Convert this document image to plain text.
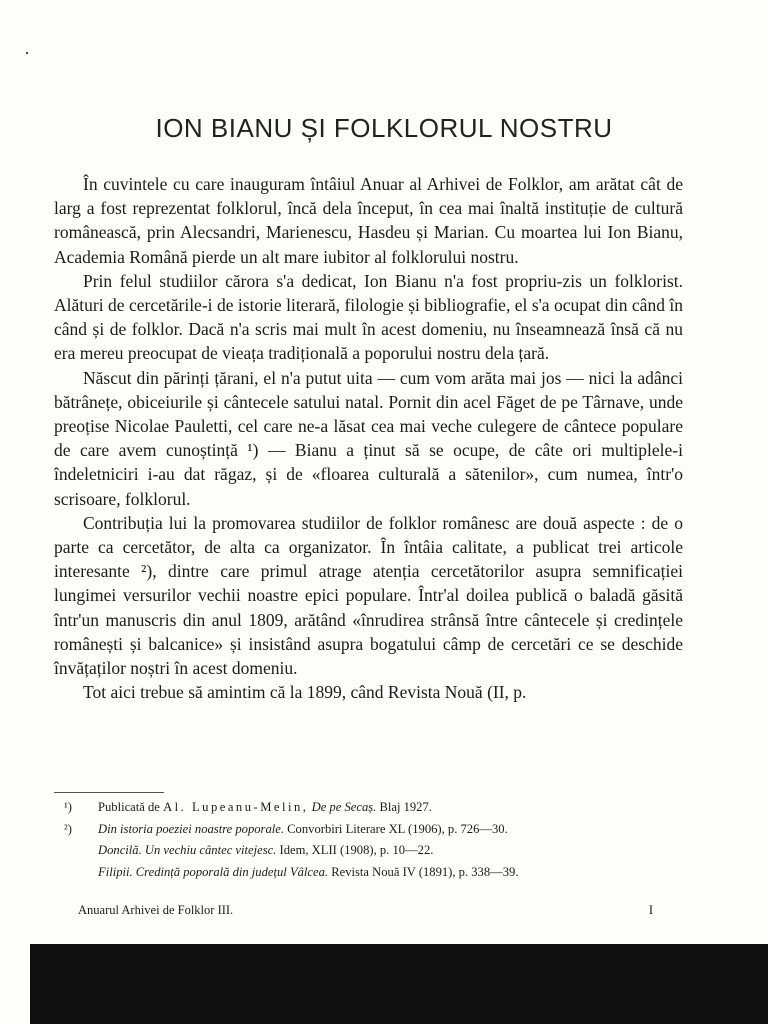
ION BIANU ȘI FOLKLORUL NOSTRU

În cuvintele cu care inauguram întâiul Anuar al Arhivei de Folklor, am arătat cât de larg a fost reprezentat folklorul, încă dela început, în cea mai înaltă instituție de cultură românească, prin Alecsandri, Marienescu, Hasdeu și Marian. Cu moartea lui Ion Bianu, Academia Română pierde un alt mare iubitor al folklorului nostru.

Prin felul studiilor cărora s'a dedicat, Ion Bianu n'a fost propriu-zis un folklorist. Alături de cercetările-i de istorie literară, filologie și bibliografie, el s'a ocupat din când în când și de folklor. Dacă n'a scris mai mult în acest domeniu, nu înseamnează însă că nu era mereu preocupat de vieața tradițională a poporului nostru dela țară.

Născut din părinți țărani, el n'a putut uita — cum vom arăta mai jos — nici la adânci bătrânețe, obiceiurile și cântecele satului natal. Pornit din acel Făget de pe Târnave, unde preoțise Nicolae Pauletti, cel care ne-a lăsat cea mai veche culegere de cântece populare de care avem cunoștință ¹) — Bianu a ținut să se ocupe, de câte ori multiplele-i îndeletniciri i-au dat răgaz, și de «floarea culturală a sătenilor», cum numea, într'o scrisoare, folklorul.

Contribuția lui la promovarea studiilor de folklor românesc are două aspecte : de o parte ca cercetător, de alta ca organizator. În întâia calitate, a publicat trei articole interesante ²), dintre care primul atrage atenția cercetătorilor asupra semnificației lungimei versurilor vechii noastre epici populare. Într'al doilea publică o baladă găsită într'un manuscris din anul 1809, arătând «înrudirea strânsă între cântecele și credințele românești și balcanice» și insistând asupra bogatului câmp de cercetări ce se deschide învățaților noștri în acest domeniu.

Tot aici trebue să amintim că la 1899, când Revista Nouă (II, p.

¹) Publicată de Al. Lupeanu-Melin, De pe Secaș. Blaj 1927.

²) Din istoria poeziei noastre poporale. Convorbiri Literare XL (1906), p. 726—30.

Doncilă. Un vechiu cântec vitejesc. Idem, XLII (1908), p. 10—22.

Filipii. Credință poporală din județul Vâlcea. Revista Nouă IV (1891), p. 338—39.

Anuarul Arhivei de Folklor III.	I
